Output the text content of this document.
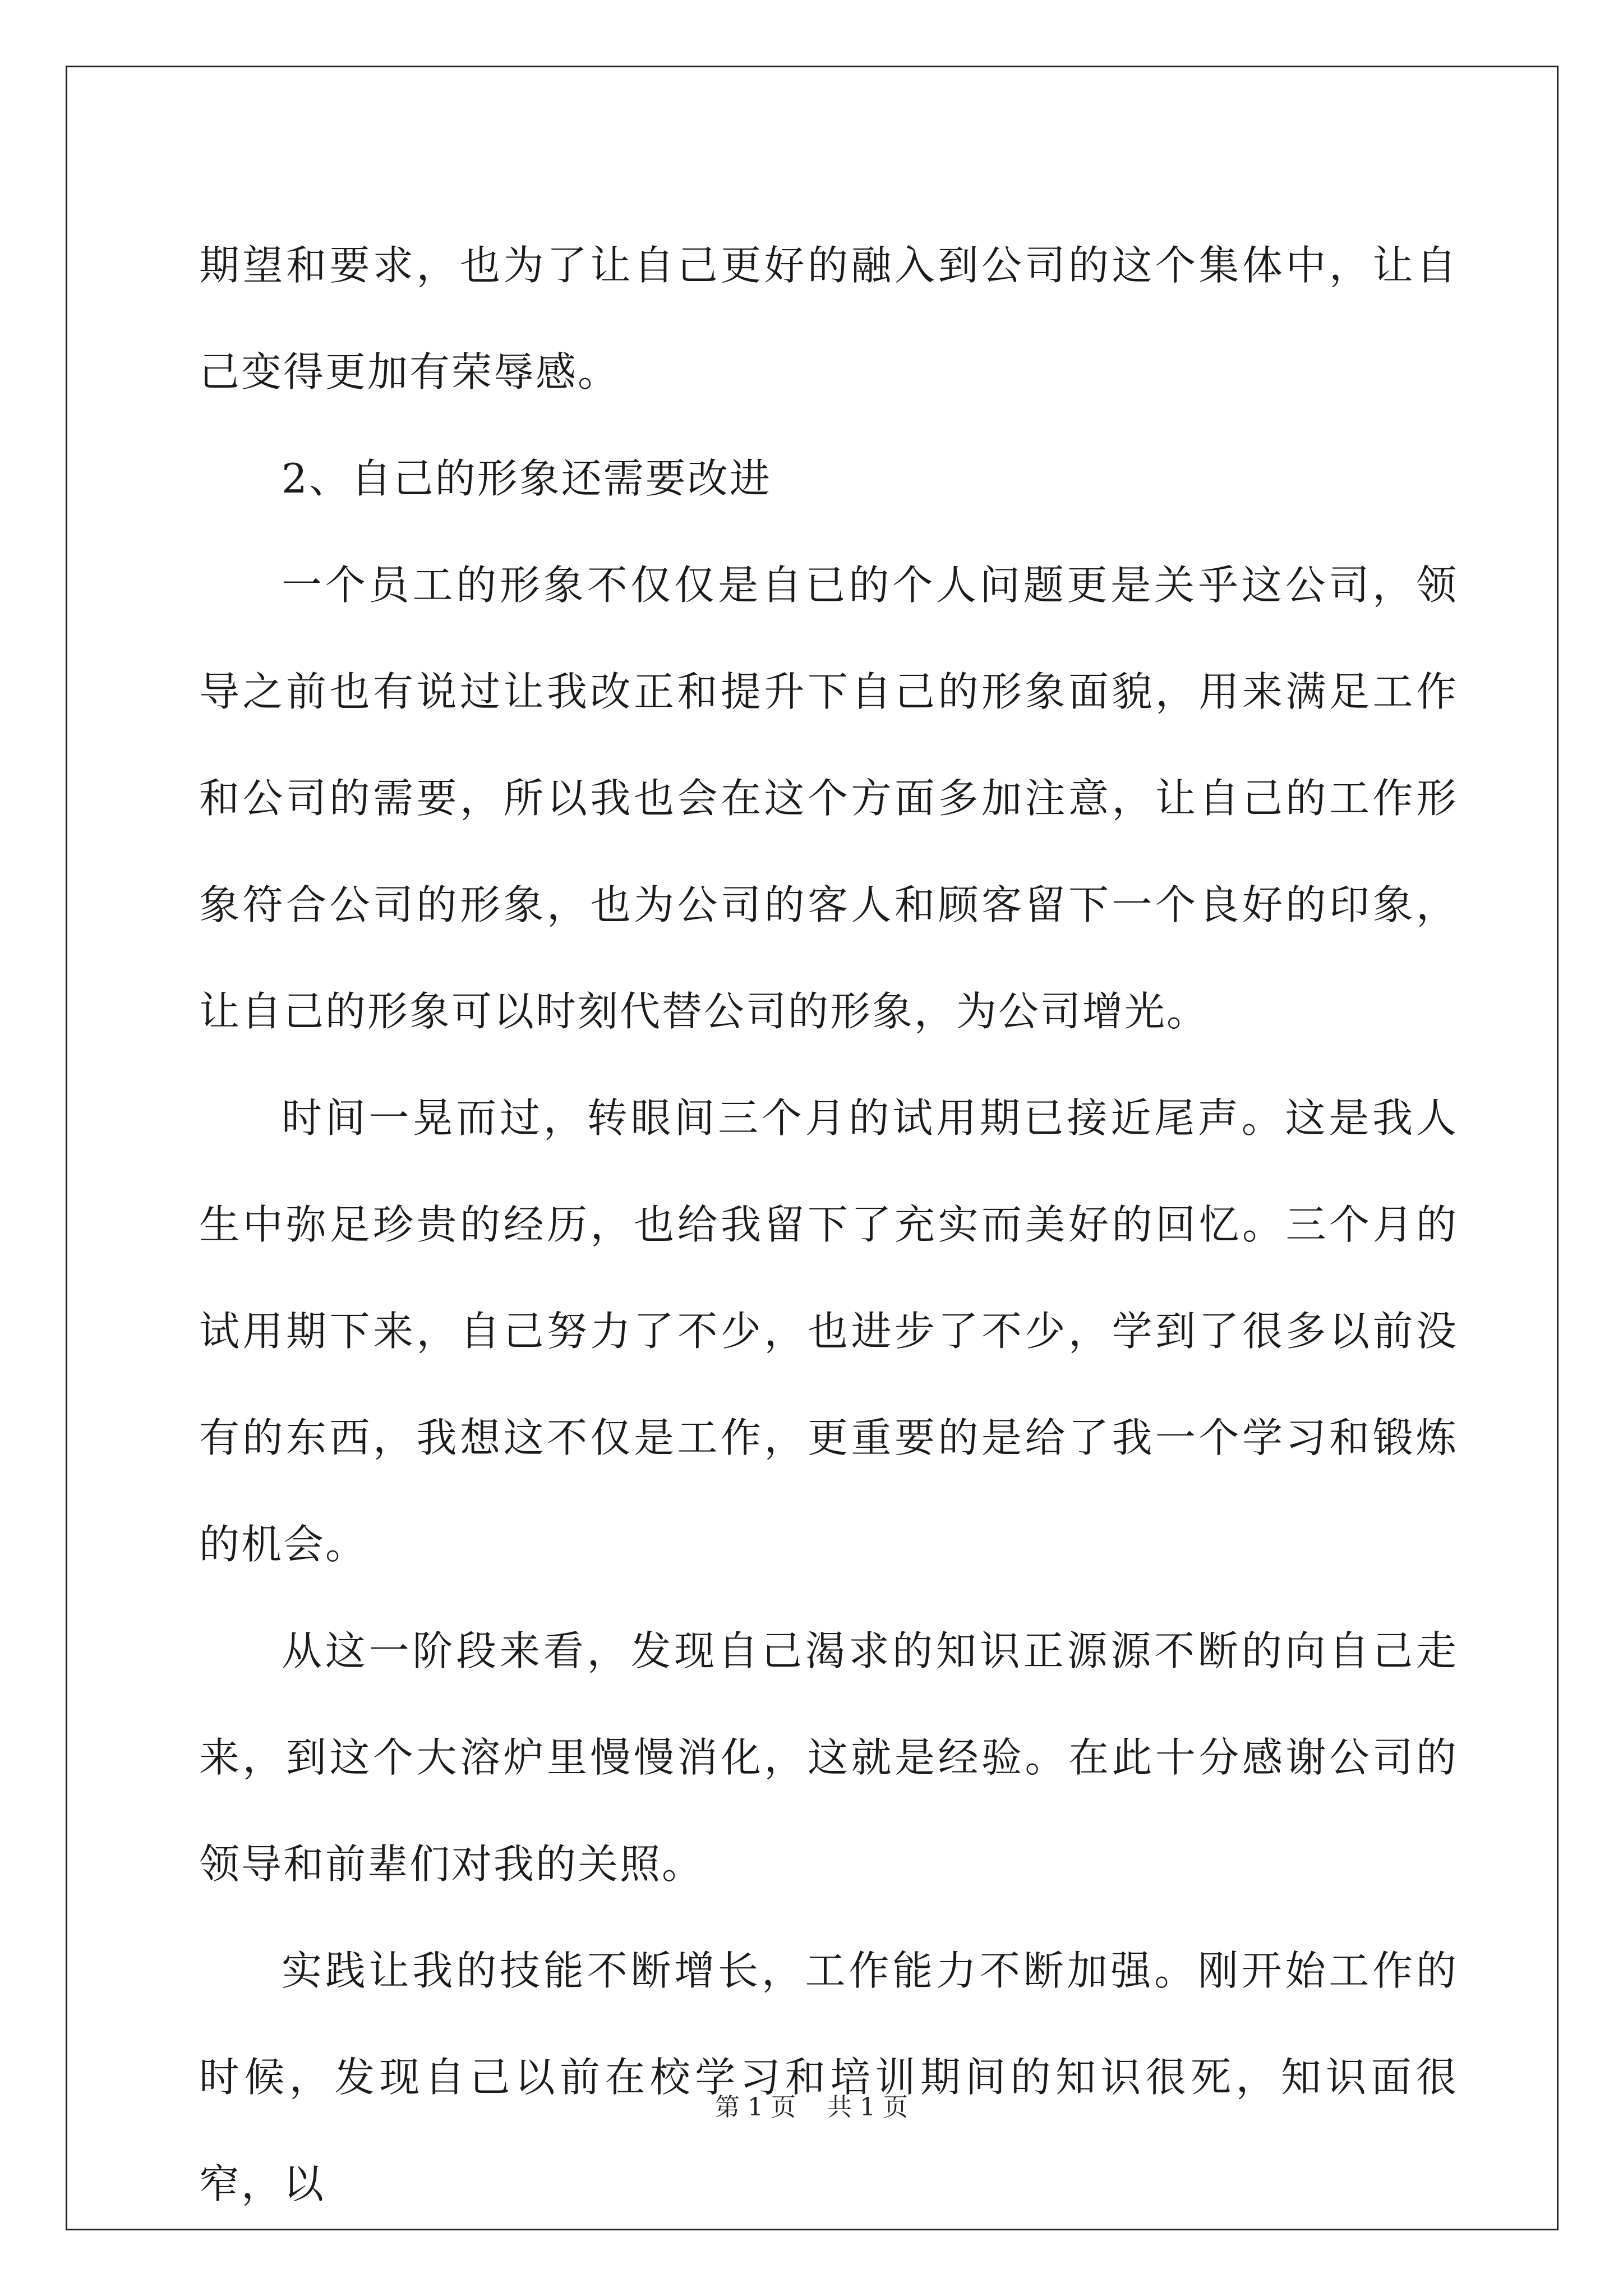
期望和要求，也为了让自己更好的融入到公司的这个集体中，让自己变得更加有荣辱感。

2、自己的形象还需要改进

一个员工的形象不仅仅是自已的个人问题更是关乎这公司，领导之前也有说过让我改正和提升下自己的形象面貌，用来满足工作和公司的需要，所以我也会在这个方面多加注意，让自己的工作形象符合公司的形象，也为公司的客人和顾客留下一个良好的印象，让自己的形象可以时刻代替公司的形象，为公司增光。

时间一晃而过，转眼间三个月的试用期已接近尾声。这是我人生中弥足珍贵的经历，也给我留下了充实而美好的回忆。三个月的试用期下来，自己努力了不少，也进步了不少，学到了很多以前没有的东西，我想这不仅是工作，更重要的是给了我一个学习和锻炼的机会。

从这一阶段来看，发现自己渴求的知识正源源不断的向自己走来，到这个大溶炉里慢慢消化，这就是经验。在此十分感谢公司的领导和前辈们对我的关照。

实践让我的技能不断增长，工作能力不断加强。刚开始工作的时候，发现自己以前在校学习和培训期间的知识很死，知识面很窄，以

第 1 页    共 1 页
